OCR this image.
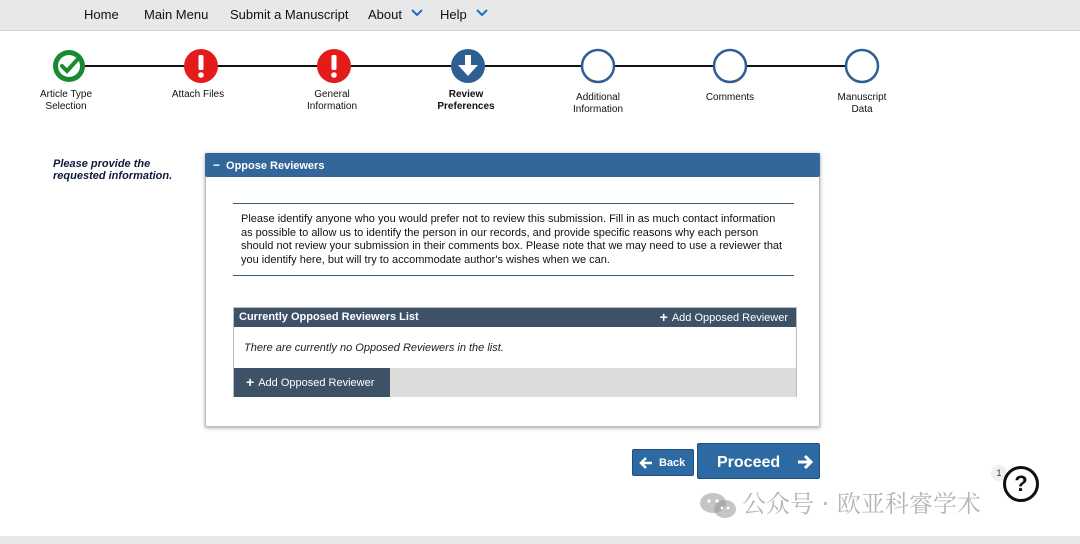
Home Main Menu Submit a Manuscript About	Help
Article Type
Selection
Attach Files	General
Information
Review
Preferences
Additional
Information
Comments	Manuscript
Data
Please provide the
requested information.
− Oppose Reviewers
Please identify anyone who you would prefer not to review this submission. Fill in as much contact information as possible to allow us to identify the person in our records, and provide specific reasons why each person should not review your submission in their comments box. Please note that we may need to use a reviewer that you identify here, but will try to accommodate author's wishes when we can.
Currently Opposed Reviewers List	+ Add Opposed Reviewer
There are currently no Opposed Reviewers in the list.
+ Add Opposed Reviewer
Back	Proceed
1 ?
公众号 · 欧亚科睿学术
